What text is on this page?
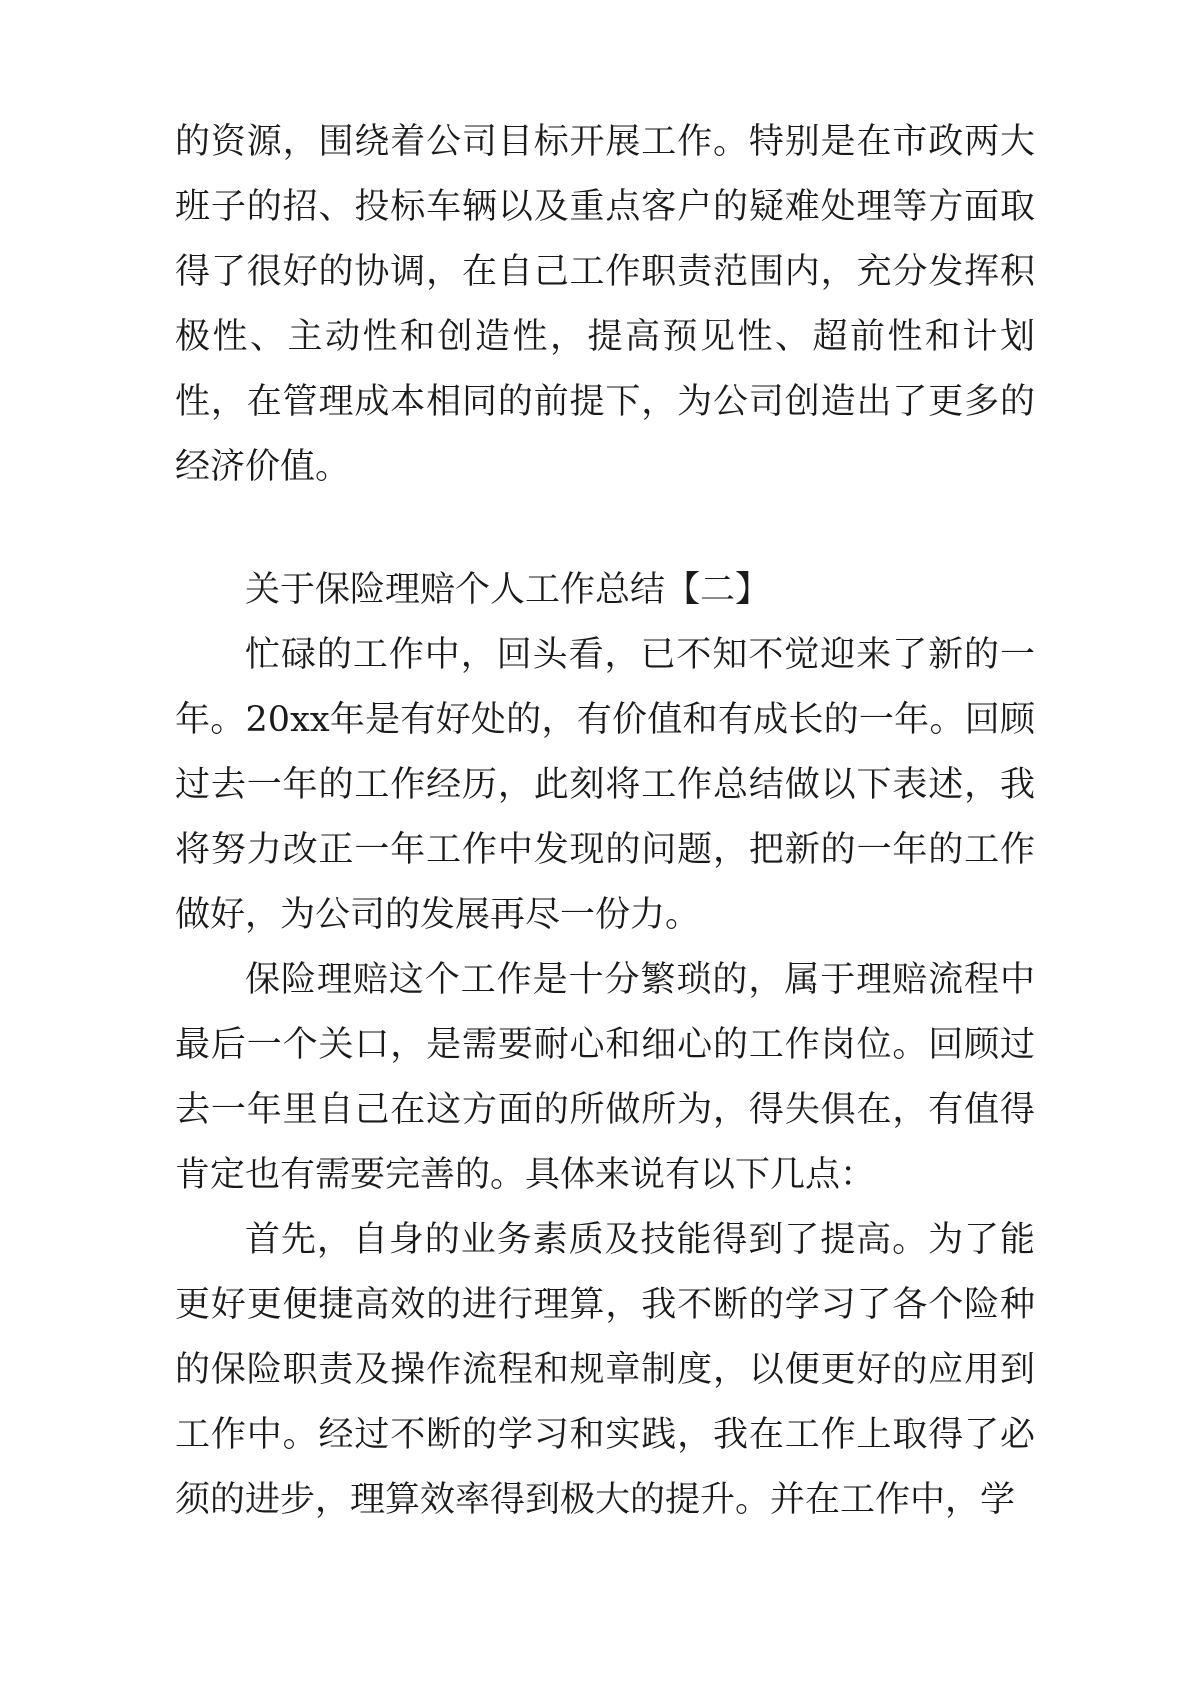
的资源，围绕着公司目标开展工作。特别是在市政两大班子的招、投标车辆以及重点客户的疑难处理等方面取得了很好的协调，在自己工作职责范围内，充分发挥积极性、主动性和创造性，提高预见性、超前性和计划性，在管理成本相同的前提下，为公司创造出了更多的经济价值。

关于保险理赔个人工作总结【二】

忙碌的工作中，回头看，已不知不觉迎来了新的一年。20xx年是有好处的，有价值和有成长的一年。回顾过去一年的工作经历，此刻将工作总结做以下表述，我将努力改正一年工作中发现的问题，把新的一年的工作做好，为公司的发展再尽一份力。

保险理赔这个工作是十分繁琐的，属于理赔流程中最后一个关口，是需要耐心和细心的工作岗位。回顾过去一年里自己在这方面的所做所为，得失俱在，有值得肯定也有需要完善的。具体来说有以下几点：

首先，自身的业务素质及技能得到了提高。为了能更好更便捷高效的进行理算，我不断的学习了各个险种的保险职责及操作流程和规章制度，以便更好的应用到工作中。经过不断的学习和实践，我在工作上取得了必须的进步，理算效率得到极大的提升。并在工作中，学
